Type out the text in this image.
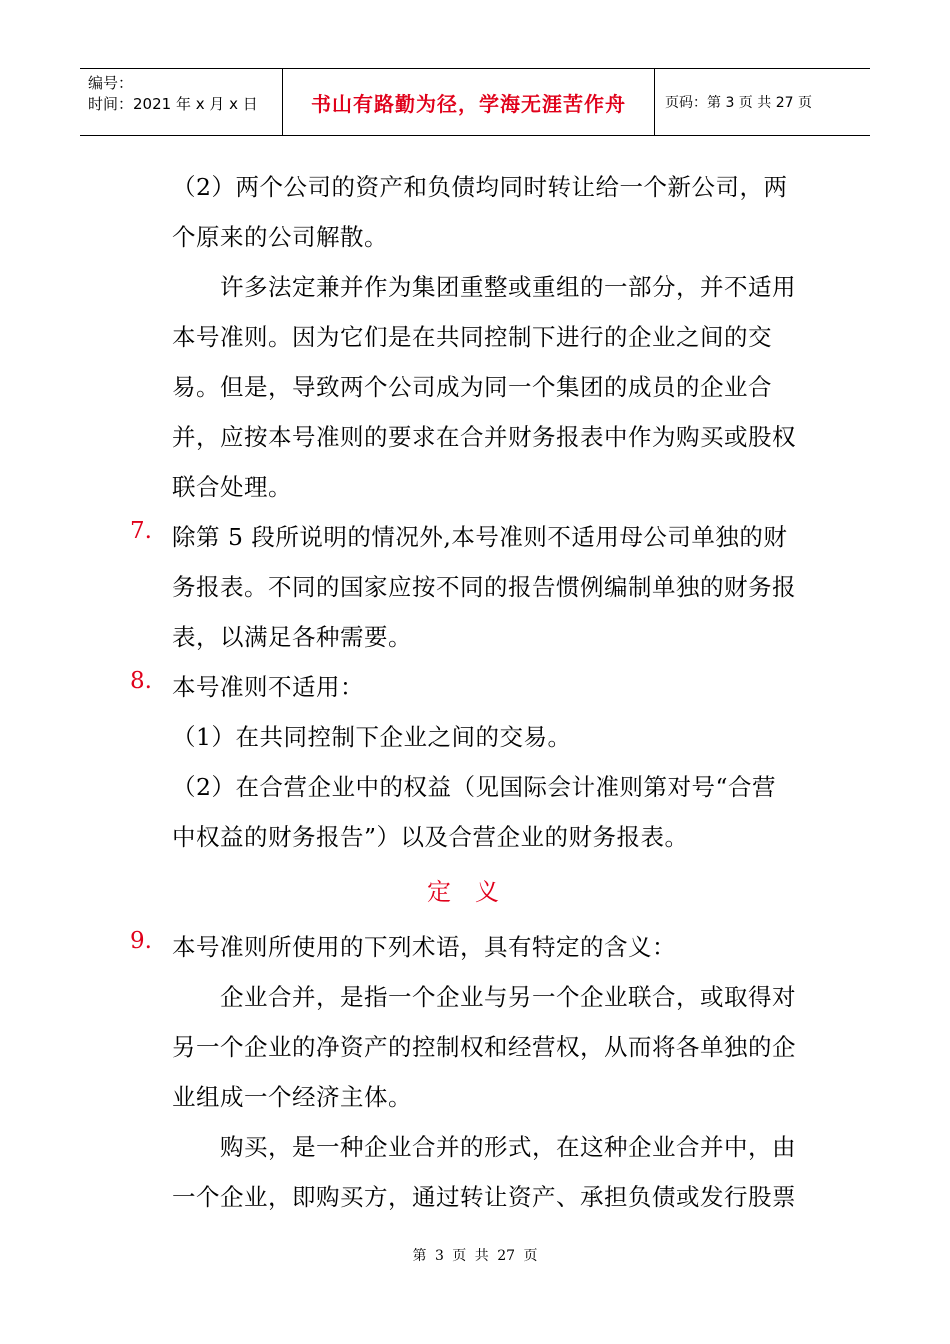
编号：
时间：2021 年 x 月 x 日	书山有路勤为径，学海无涯苦作舟	页码：第 3 页 共 27 页
（2）两个公司的资产和负债均同时转让给一个新公司，两
个原来的公司解散。
许多法定兼并作为集团重整或重组的一部分，并不适用
本号准则。因为它们是在共同控制下进行的企业之间的交
易。但是，导致两个公司成为同一个集团的成员的企业合
并，应按本号准则的要求在合并财务报表中作为购买或股权
联合处理。
7. 除第 5 段所说明的情况外,本号准则不适用母公司单独的财
务报表。不同的国家应按不同的报告惯例编制单独的财务报
表，以满足各种需要。
8. 本号准则不适用：
（1）在共同控制下企业之间的交易。
（2）在合营企业中的权益（见国际会计准则第对号“合营
中权益的财务报告”）以及合营企业的财务报表。
定义
9. 本号准则所使用的下列术语，具有特定的含义：
企业合并，是指一个企业与另一个企业联合，或取得对
另一个企业的净资产的控制权和经营权，从而将各单独的企
业组成一个经济主体。
购买，是一种企业合并的形式，在这种企业合并中，由
一个企业，即购买方，通过转让资产、承担负债或发行股票
第 3 页 共 27 页
